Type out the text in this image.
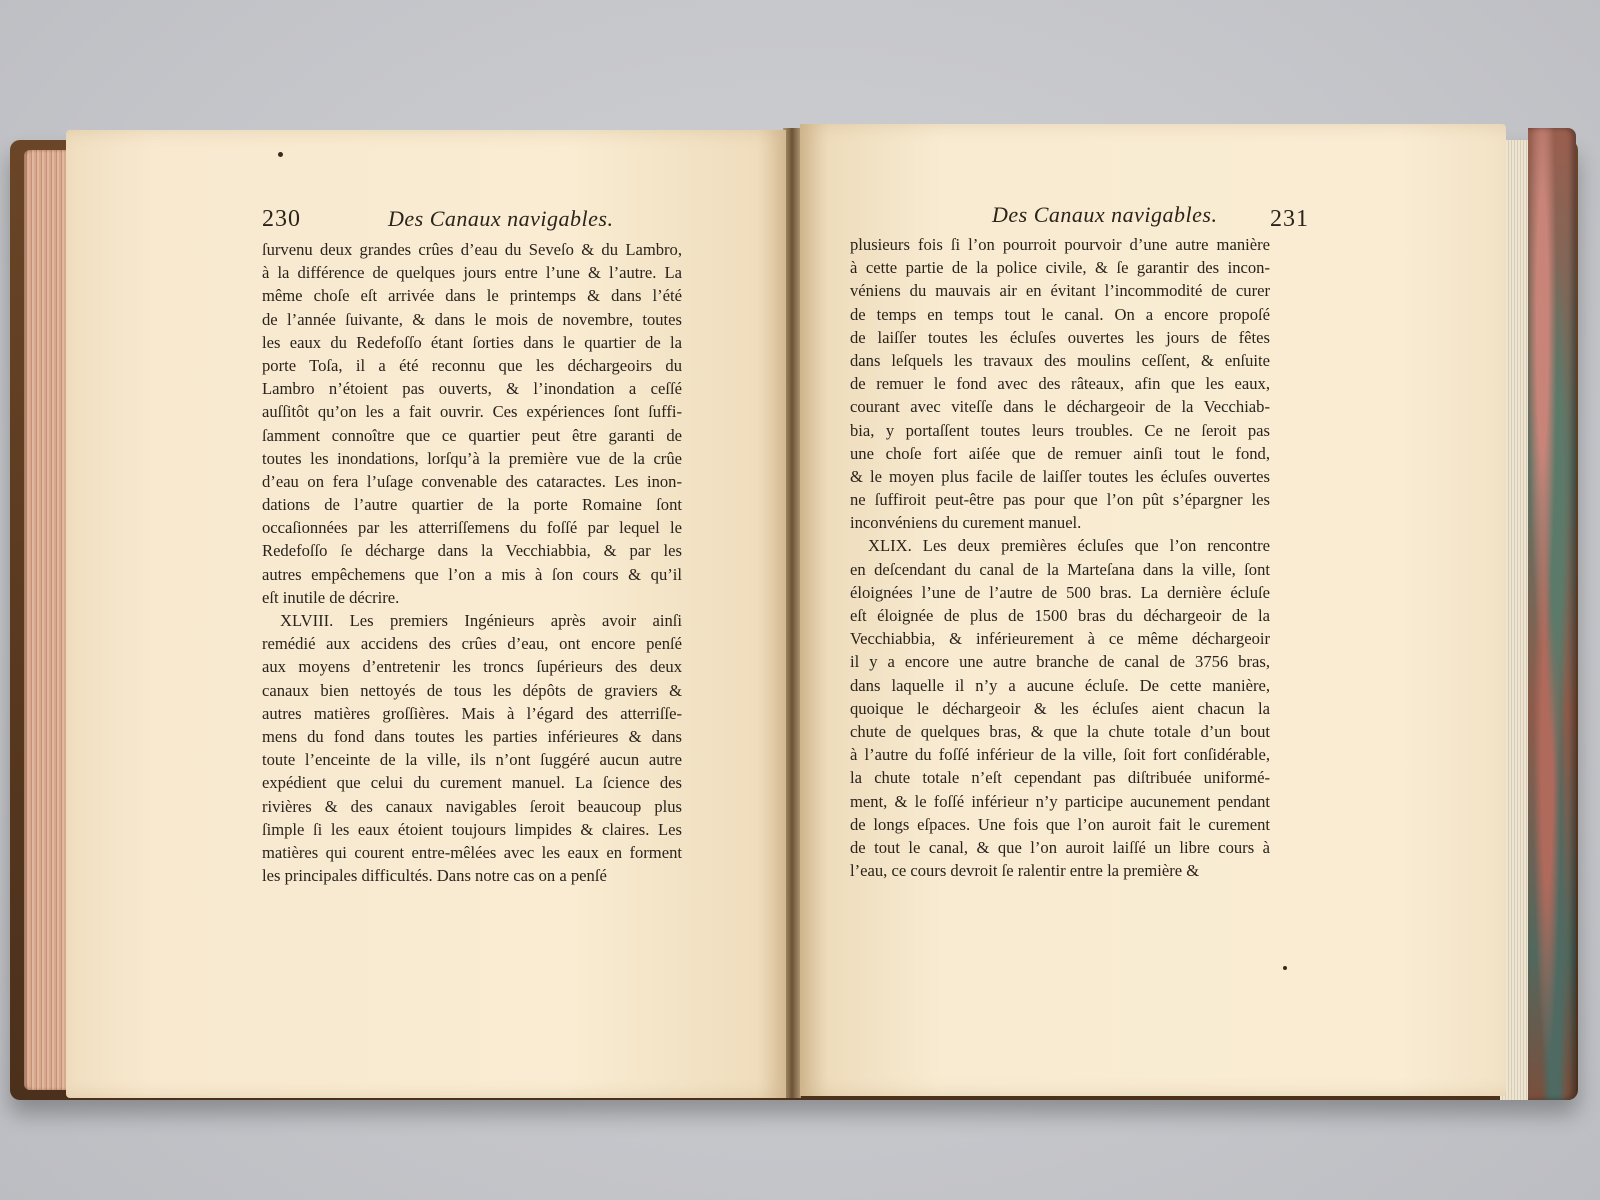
230	Des Canaux navigables.
ſurvenu deux grandes crûes d’eau du Seveſo & du Lambro,
à la différence de quelques jours entre l’une & l’autre. La
même choſe eſt arrivée dans le printemps & dans l’été
de l’année ſuivante, & dans le mois de novembre, toutes
les eaux du Redefoſſo étant ſorties dans le quartier de la
porte Toſa, il a été reconnu que les déchargeoirs du
Lambro n’étoient pas ouverts, & l’inondation a ceſſé
auſſitôt qu’on les a fait ouvrir. Ces expériences ſont ſuffi-
ſamment connoître que ce quartier peut être garanti de
toutes les inondations, lorſqu’à la première vue de la crûe
d’eau on fera l’uſage convenable des cataractes. Les inon-
dations de l’autre quartier de la porte Romaine ſont
occaſionnées par les atterriſſemens du foſſé par lequel le
Redefoſſo ſe décharge dans la Vecchiabbia, & par les
autres empêchemens que l’on a mis à ſon cours & qu’il
eſt inutile de décrire.
XLVIII. Les premiers Ingénieurs après avoir ainſi
remédié aux accidens des crûes d’eau, ont encore penſé
aux moyens d’entretenir les troncs ſupérieurs des deux
canaux bien nettoyés de tous les dépôts de graviers &
autres matières groſſières. Mais à l’égard des atterriſſe-
mens du fond dans toutes les parties inférieures & dans
toute l’enceinte de la ville, ils n’ont ſuggéré aucun autre
expédient que celui du curement manuel. La ſcience des
rivières & des canaux navigables ſeroit beaucoup plus
ſimple ſi les eaux étoient toujours limpides & claires. Les
matières qui courent entre-mêlées avec les eaux en forment
les principales difficultés. Dans notre cas on a penſé
Des Canaux navigables. 231
plusieurs fois ſi l’on pourroit pourvoir d’une autre manière
à cette partie de la police civile, & ſe garantir des incon-
véniens du mauvais air en évitant l’incommodité de curer
de temps en temps tout le canal. On a encore propoſé
de laiſſer toutes les écluſes ouvertes les jours de fêtes
dans leſquels les travaux des moulins ceſſent, & enſuite
de remuer le fond avec des râteaux, afin que les eaux,
courant avec viteſſe dans le déchargeoir de la Vecchiab-
bia, y portaſſent toutes leurs troubles. Ce ne ſeroit pas
une choſe fort aiſée que de remuer ainſi tout le fond,
& le moyen plus facile de laiſſer toutes les écluſes ouvertes
ne ſuffiroit peut-être pas pour que l’on pût s’épargner les
inconvéniens du curement manuel.
XLIX. Les deux premières écluſes que l’on rencontre
en deſcendant du canal de la Marteſana dans la ville, ſont
éloignées l’une de l’autre de 500 bras. La dernière écluſe
eſt éloignée de plus de 1500 bras du déchargeoir de la
Vecchiabbia, & inférieurement à ce même déchargeoir
il y a encore une autre branche de canal de 3756 bras,
dans laquelle il n’y a aucune écluſe. De cette manière,
quoique le déchargeoir & les écluſes aient chacun la
chute de quelques bras, & que la chute totale d’un bout
à l’autre du foſſé inférieur de la ville, ſoit fort conſidérable,
la chute totale n’eſt cependant pas diſtribuée uniformé-
ment, & le foſſé inférieur n’y participe aucunement pendant
de longs eſpaces. Une fois que l’on auroit fait le curement
de tout le canal, & que l’on auroit laiſſé un libre cours à
l’eau, ce cours devroit ſe ralentir entre la première &
